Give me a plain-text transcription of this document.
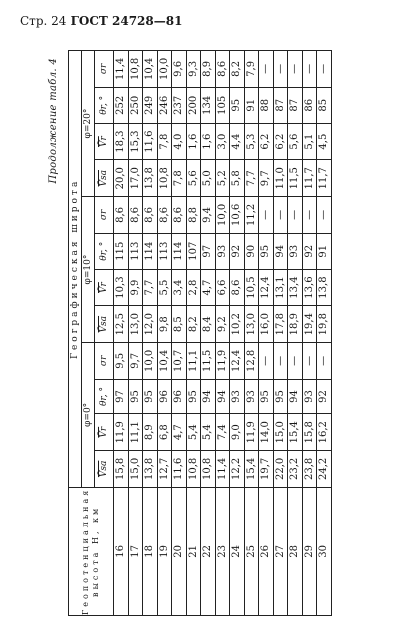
Стр. 24 ГОСТ 24728—81
Продолжение табл. 4
Геопотенциальная высота H, км	Географическая широта											
	φ=0°				φ=10°				φ=20°			
	V̄sa	V̄r	θr, °	σr	V̄sa	V̄r	θr, °	σr	V̄sa	V̄r	θr, °	σr
16	15,8	11,9	97	9,5	12,5	10,3	115	8,6	20,0	18,3	252	11,4
17	15,0	11,1	95	9,7	13,0	9,9	113	8,6	17,0	15,3	250	10,8
18	13,8	8,9	95	10,0	12,0	7,7	114	8,6	13,8	11,6	249	10,4
19	12,7	6,8	96	10,4	9,8	5,5	113	8,6	10,8	7,8	246	10,0
20	11,6	4,7	96	10,7	8,5	3,4	114	8,6	7,8	4,0	237	9,6
21	10,8	5,4	95	11,1	8,2	2,8	107	8,8	5,6	1,6	200	9,3
22	10,8	5,4	94	11,5	8,4	4,7	97	9,4	5,0	1,6	134	8,9
23	11,4	7,4	94	11,9	9,2	6,6	93	10,0	5,2	3,0	105	8,6
24	12,2	9,0	93	12,4	10,2	8,6	92	10,6	5,8	4,4	95	8,2
25	15,4	11,9	93	12,8	13,0	10,5	90	11,2	7,7	5,3	91	7,9
26	19,7	14,0	95	—	16,0	12,4	95	—	9,7	6,2	88	—
27	22,0	15,0	95	—	17,8	13,1	94	—	11,0	6,2	87	—
28	23,2	15,4	94	—	18,9	13,4	93	—	11,5	5,6	87	—
29	23,8	15,8	93	—	19,4	13,6	92	—	11,7	5,1	86	—
30	24,2	16,2	92	—	19,8	13,8	91	—	11,7	4,5	85	—
